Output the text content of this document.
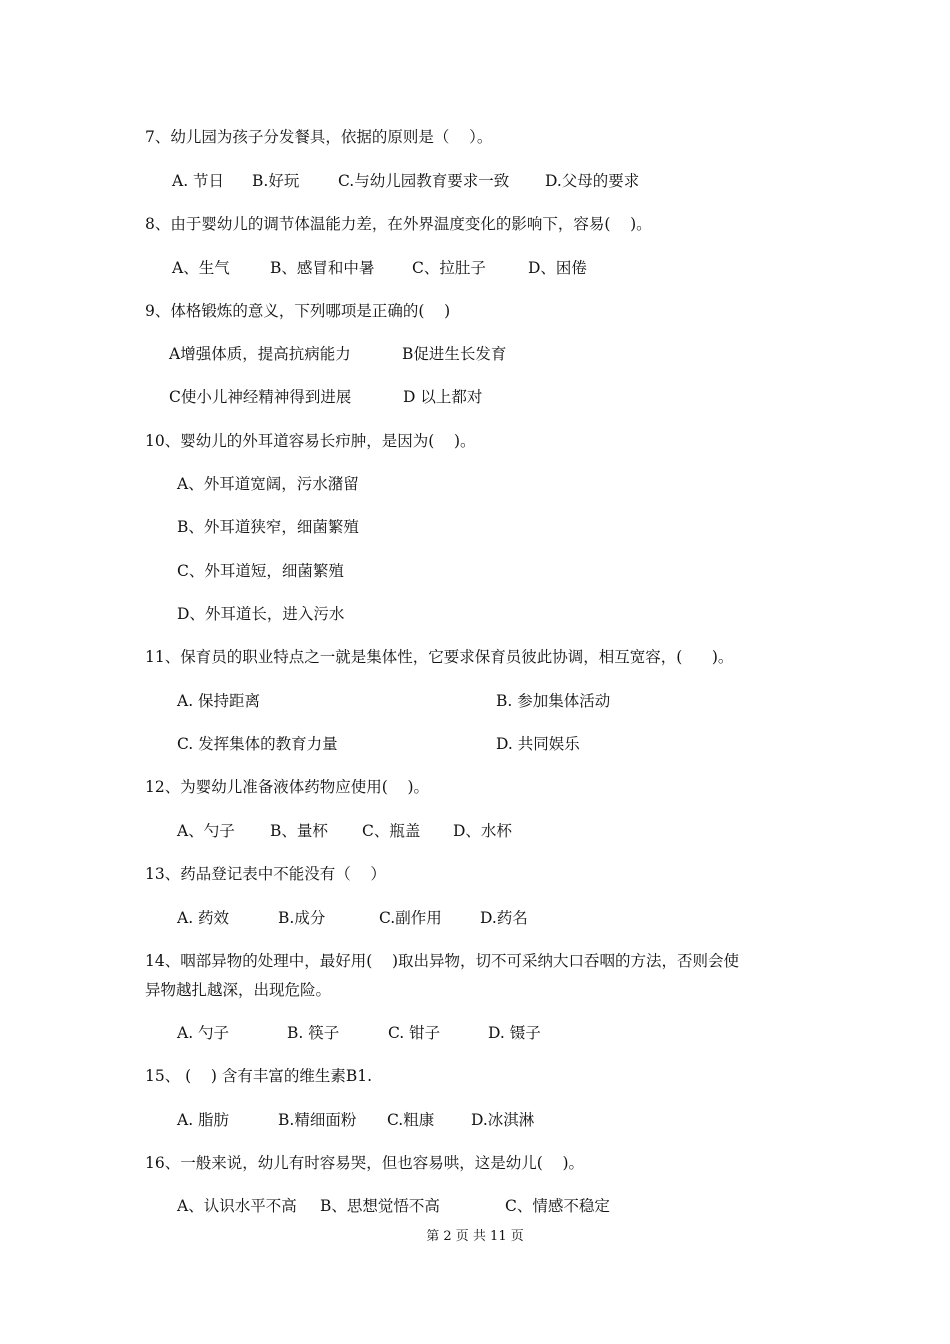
7、幼儿园为孩子分发餐具，依据的原则是（    ）。
A. 节日 B.好玩 C.与幼儿园教育要求一致 D.父母的要求
8、由于婴幼儿的调节体温能力差，在外界温度变化的影响下，容易(    )。
A、生气	B、感冒和中暑 C、拉肚子	D、困倦
9、体格锻炼的意义，下列哪项是正确的(    )
A增强体质，提高抗病能力	B促进生长发育
C使小儿神经精神得到进展	D 以上都对
10、婴幼儿的外耳道容易长疖肿，是因为(    )。
A、外耳道宽阔，污水潴留
B、外耳道狭窄，细菌繁殖
C、外耳道短，细菌繁殖
D、外耳道长，进入污水
11、保育员的职业特点之一就是集体性，它要求保育员彼此协调，相互宽容，(      )。
A. 保持距离	B. 参加集体活动
C. 发挥集体的教育力量	D. 共同娱乐
12、为婴幼儿准备液体药物应使用(    )。
A、勺子 B、量杯 C、瓶盖 D、水杯
13、药品登记表中不能没有（    ）
A. 药效	B.成分	C.副作用 D.药名
14、咽部异物的处理中，最好用(    )取出异物，切不可采纳大口吞咽的方法，否则会使
异物越扎越深，出现危险。
A. 勺子	B. 筷子	C. 钳子	D. 镊子
15、 (    ) 含有丰富的维生素B1.
A. 脂肪	B.精细面粉 C.粗康 D.冰淇淋
16、一般来说，幼儿有时容易哭，但也容易哄，这是幼儿(    )。
A、认识水平不高 B、思想觉悟不高	C、情感不稳定
第 2 页 共 11 页
